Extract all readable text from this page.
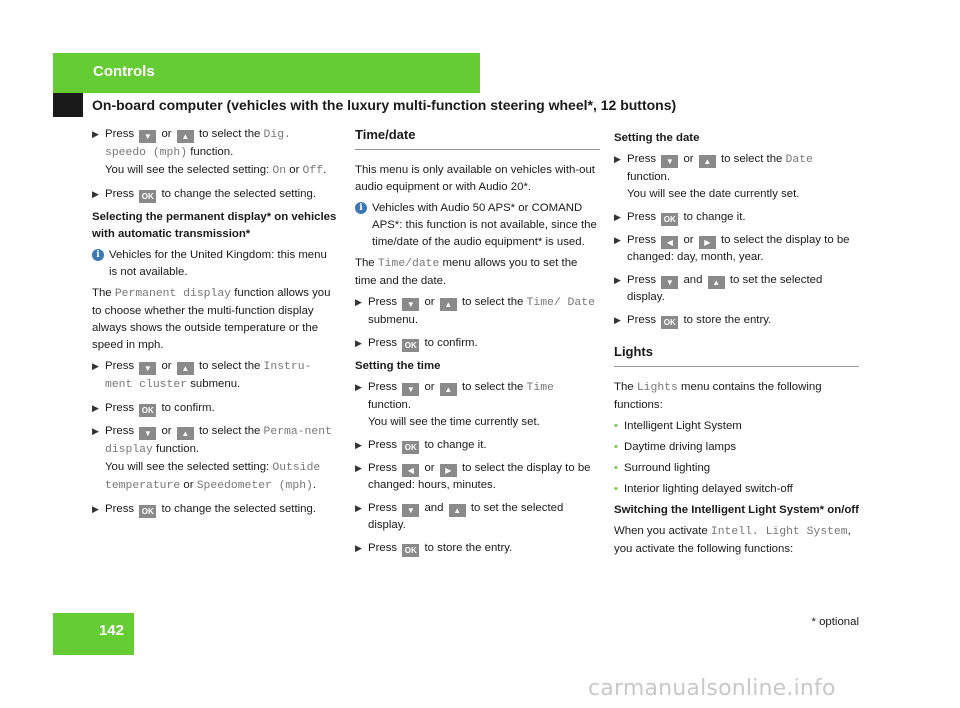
Controls
On-board computer (vehicles with the luxury multi-function steering wheel*, 12 buttons)
▶ Press ▼ or ▲ to select the Dig. speedo (mph) function.
You will see the selected setting: On or Off.
▶ Press OK to change the selected setting.
Selecting the permanent display* on vehicles with automatic transmission*
i Vehicles for the United Kingdom: this menu is not available.
The Permanent display function allows you to choose whether the multi-function display always shows the outside temperature or the speed in mph.
▶ Press ▼ or ▲ to select the Instru-ment cluster submenu.
▶ Press OK to confirm.
▶ Press ▼ or ▲ to select the Perma-nent display function.
You will see the selected setting: Outside temperature or Speedometer (mph).
▶ Press OK to change the selected setting.
Time/date
This menu is only available on vehicles with-out audio equipment or with Audio 20*.
i Vehicles with Audio 50 APS* or COMAND APS*: this function is not available, since the time/date of the audio equipment* is used.
The Time/date menu allows you to set the time and the date.
▶ Press ▼ or ▲ to select the Time/ Date submenu.
▶ Press OK to confirm.
Setting the time
▶ Press ▼ or ▲ to select the Time function.
You will see the time currently set.
▶ Press OK to change it.
▶ Press ◀ or ▶ to select the display to be changed: hours, minutes.
▶ Press ▼ and ▲ to set the selected display.
▶ Press OK to store the entry.
Setting the date
▶ Press ▼ or ▲ to select the Date function.
You will see the date currently set.
▶ Press OK to change it.
▶ Press ◀ or ▶ to select the display to be changed: day, month, year.
▶ Press ▼ and ▲ to set the selected display.
▶ Press OK to store the entry.
Lights
The Lights menu contains the following functions:
• Intelligent Light System
• Daytime driving lamps
• Surround lighting
• Interior lighting delayed switch-off
Switching the Intelligent Light System* on/off
When you activate Intell. Light System, you activate the following functions:
142	* optional
carmanualsonline.info
